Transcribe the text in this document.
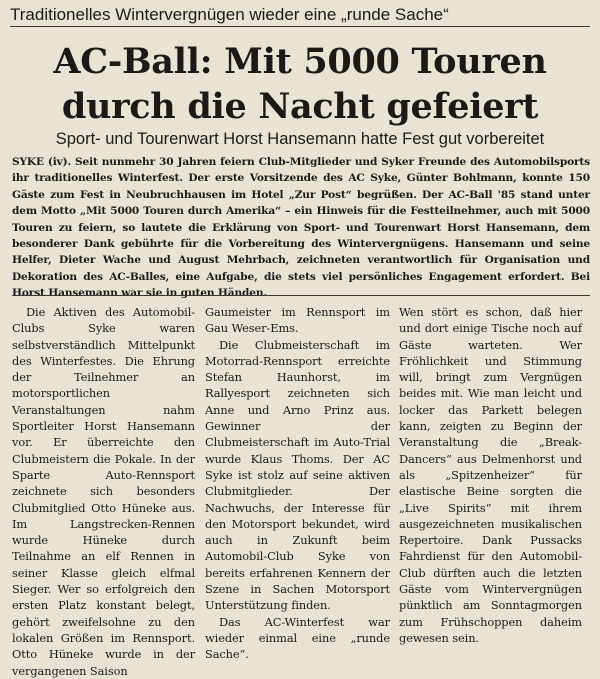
Traditionelles Wintervergnügen wieder eine „runde Sache“
AC-Ball: Mit 5000 Touren
durch die Nacht gefeiert
Sport- und Tourenwart Horst Hansemann hatte Fest gut vorbereitet
SYKE (iv). Seit nunmehr 30 Jahren feiern Club-Mitglieder und Syker Freunde des Automobilsports ihr traditionelles Winterfest. Der erste Vorsitzende des AC Syke, Günter Bohlmann, konnte 150 Gäste zum Fest in Neubruchhausen im Hotel „Zur Post“ begrüßen. Der AC-Ball '85 stand unter dem Motto „Mit 5000 Touren durch Amerika“ – ein Hinweis für die Festteilnehmer, auch mit 5000 Touren zu feiern, so lautete die Erklärung von Sport- und Tourenwart Horst Hansemann, dem besonderer Dank gebührte für die Vorbereitung des Wintervergnügens. Hansemann und seine Helfer, Dieter Wache und August Mehrbach, zeichneten verantwortlich für Organisation und Dekoration des AC-Balles, eine Aufgabe, die stets viel persönliches Engagement erfordert. Bei Horst Hansemann war sie in guten Händen.

Die Aktiven des Automobil-Clubs Syke waren selbstverständlich Mittelpunkt des Winterfestes. Die Ehrung der Teilnehmer an motorsportlichen Veranstaltungen nahm Sportleiter Horst Hansemann vor. Er überreichte den Clubmeistern die Pokale. In der Sparte Auto-Rennsport zeichnete sich besonders Clubmitglied Otto Hüneke aus. Im Langstrecken-Rennen wurde Hüneke durch Teilnahme an elf Rennen in seiner Klasse gleich elfmal Sieger. Wer so erfolgreich den ersten Platz konstant belegt, gehört zweifelsohne zu den lokalen Größen im Rennsport. Otto Hüneke wurde in der vergangenen Saison

Gaumeister im Rennsport im Gau Weser-Ems.

Die Clubmeisterschaft im Motorrad-Rennsport erreichte Stefan Haunhorst, im Rallyesport zeichneten sich Anne und Arno Prinz aus. Gewinner der Clubmeisterschaft im Auto-Trial wurde Klaus Thoms. Der AC Syke ist stolz auf seine aktiven Clubmitglieder. Der Nachwuchs, der Interesse für den Motorsport bekundet, wird auch in Zukunft beim Automobil-Club Syke von bereits erfahrenen Kennern der Szene in Sachen Motorsport Unterstützung finden.

Das AC-Winterfest war wieder einmal eine „runde Sache“.

Wen stört es schon, daß hier und dort einige Tische noch auf Gäste warteten. Wer Fröhlichkeit und Stimmung will, bringt zum Vergnügen beides mit. Wie man leicht und locker das Parkett belegen kann, zeigten zu Beginn der Veranstaltung die „Break-Dancers“ aus Delmenhorst und als „Spitzenheizer“ für elastische Beine sorgten die „Live Spirits“ mit ihrem ausgezeichneten musikalischen Repertoire. Dank Pussacks Fahrdienst für den Automobil-Club dürften auch die letzten Gäste vom Wintervergnügen pünktlich am Sonntagmorgen zum Frühschoppen daheim gewesen sein.
